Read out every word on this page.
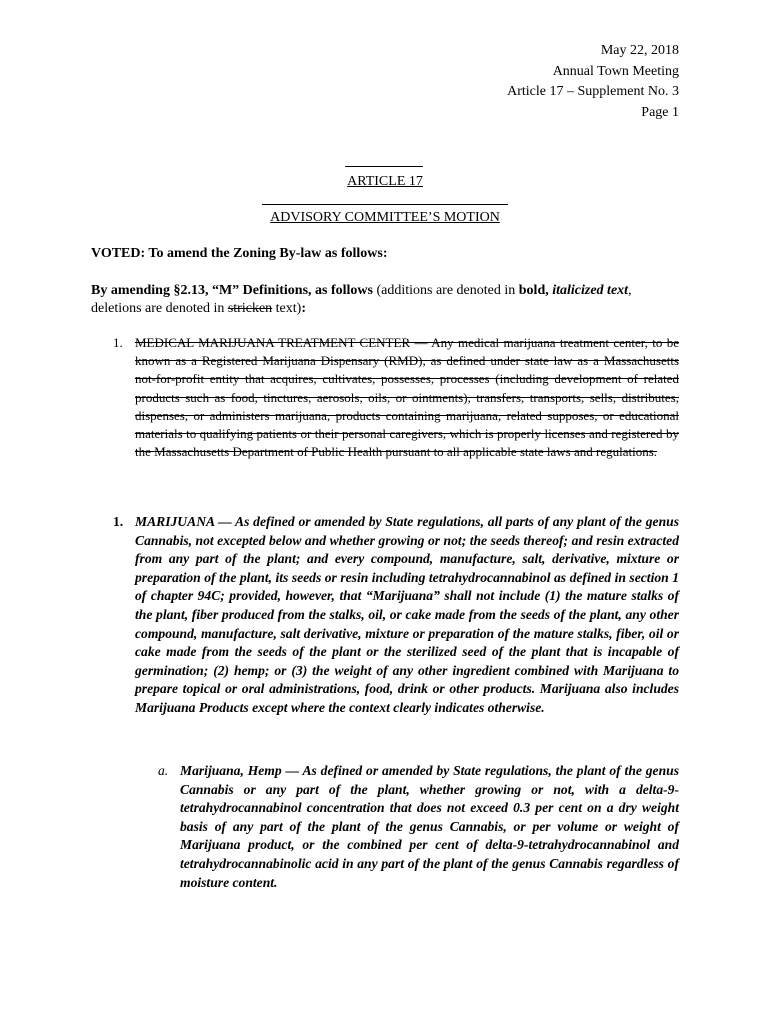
May 22, 2018
Annual Town Meeting
Article 17 – Supplement No. 3
Page 1
ARTICLE 17
ADVISORY COMMITTEE’S MOTION
VOTED: To amend the Zoning By-law as follows:
By amending §2.13, “M” Definitions, as follows (additions are denoted in bold, italicized text, deletions are denoted in stricken text):
1. MEDICAL MARIJUANA TREATMENT CENTER — Any medical marijuana treatment center, to be known as a Registered Marijuana Dispensary (RMD), as defined under state law as a Massachusetts not-for-profit entity that acquires, cultivates, possesses, processes (including development of related products such as food, tinctures, aerosols, oils, or ointments), transfers, transports, sells, distributes, dispenses, or administers marijuana, products containing marijuana, related supposes, or educational materials to qualifying patients or their personal caregivers, which is properly licenses and registered by the Massachusetts Department of Public Health pursuant to all applicable state laws and regulations.
1. MARIJUANA — As defined or amended by State regulations, all parts of any plant of the genus Cannabis, not excepted below and whether growing or not; the seeds thereof; and resin extracted from any part of the plant; and every compound, manufacture, salt, derivative, mixture or preparation of the plant, its seeds or resin including tetrahydrocannabinol as defined in section 1 of chapter 94C; provided, however, that “Marijuana” shall not include (1) the mature stalks of the plant, fiber produced from the stalks, oil, or cake made from the seeds of the plant, any other compound, manufacture, salt derivative, mixture or preparation of the mature stalks, fiber, oil or cake made from the seeds of the plant or the sterilized seed of the plant that is incapable of germination; (2) hemp; or (3) the weight of any other ingredient combined with Marijuana to prepare topical or oral administrations, food, drink or other products. Marijuana also includes Marijuana Products except where the context clearly indicates otherwise.
a. Marijuana, Hemp — As defined or amended by State regulations, the plant of the genus Cannabis or any part of the plant, whether growing or not, with a delta-9-tetrahydrocannabinol concentration that does not exceed 0.3 per cent on a dry weight basis of any part of the plant of the genus Cannabis, or per volume or weight of Marijuana product, or the combined per cent of delta-9-tetrahydrocannabinol and tetrahydrocannabinolic acid in any part of the plant of the genus Cannabis regardless of moisture content.
